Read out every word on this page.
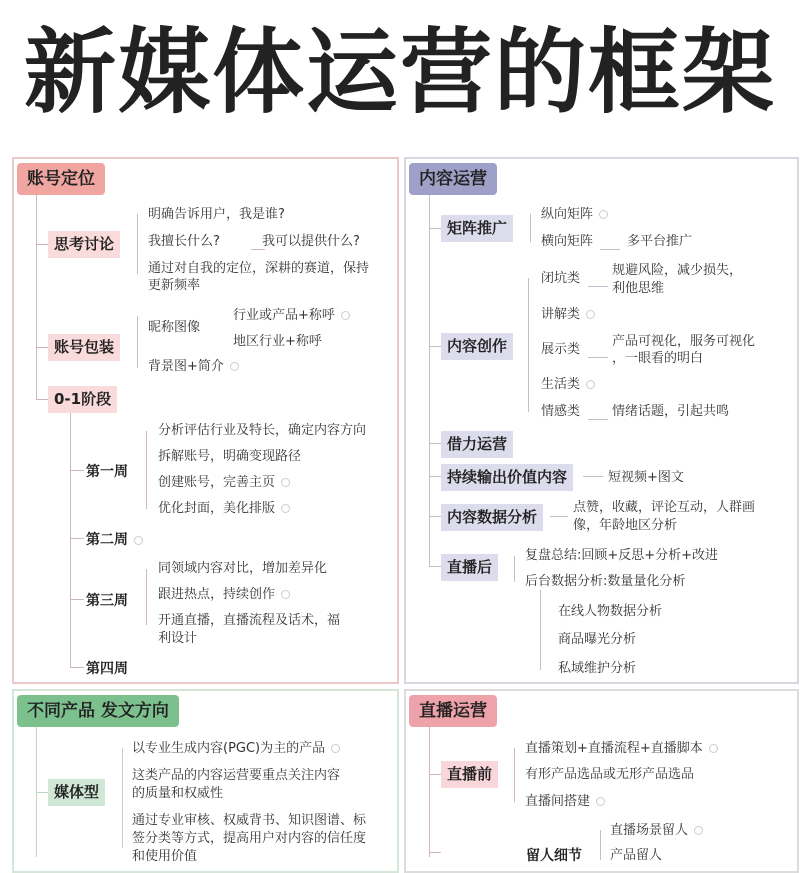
新媒体运营的框架
账号定位
思考讨论
明确告诉用户，我是谁?
我擅长什么?	我可以提供什么?
通过对自我的定位，深耕的赛道，保持
更新频率
账号包装
昵称图像
行业或产品+称呼
地区行业+称呼
背景图+简介
0-1阶段
第一周
分析评估行业及特长，确定内容方向
拆解账号，明确变现路径
创建账号，完善主页
优化封面，美化排版
第二周
第三周
同领域内容对比，增加差异化
跟进热点，持续创作
开通直播，直播流程及话术，福
利设计
第四周
内容运营
矩阵推广
纵向矩阵
横向矩阵	多平台推广
内容创作
闭坑类
规避风险，减少损失，
利他思维
讲解类
展示类
产品可视化，服务可视化
，一眼看的明白
生活类
情感类 情绪话题，引起共鸣
借力运营
持续输出价值内容	短视频+图文
内容数据分析
点赞，收藏，评论互动，人群画
像，年龄地区分析
直播后
复盘总结:回顾+反思+分析+改进
后台数据分析:数量量化分析
在线人物数据分析
商品曝光分析
私域维护分析
不同产品 发文方向
媒体型
以专业生成内容(PGC)为主的产品
这类产品的内容运营要重点关注内容
的质量和权威性
通过专业审核、权威背书、知识图谱、标
签分类等方式，提高用户对内容的信任度
和使用价值
直播运营
直播前
直播策划+直播流程+直播脚本
有形产品选品或无形产品选品
直播间搭建
留人细节
直播场景留人
产品留人
